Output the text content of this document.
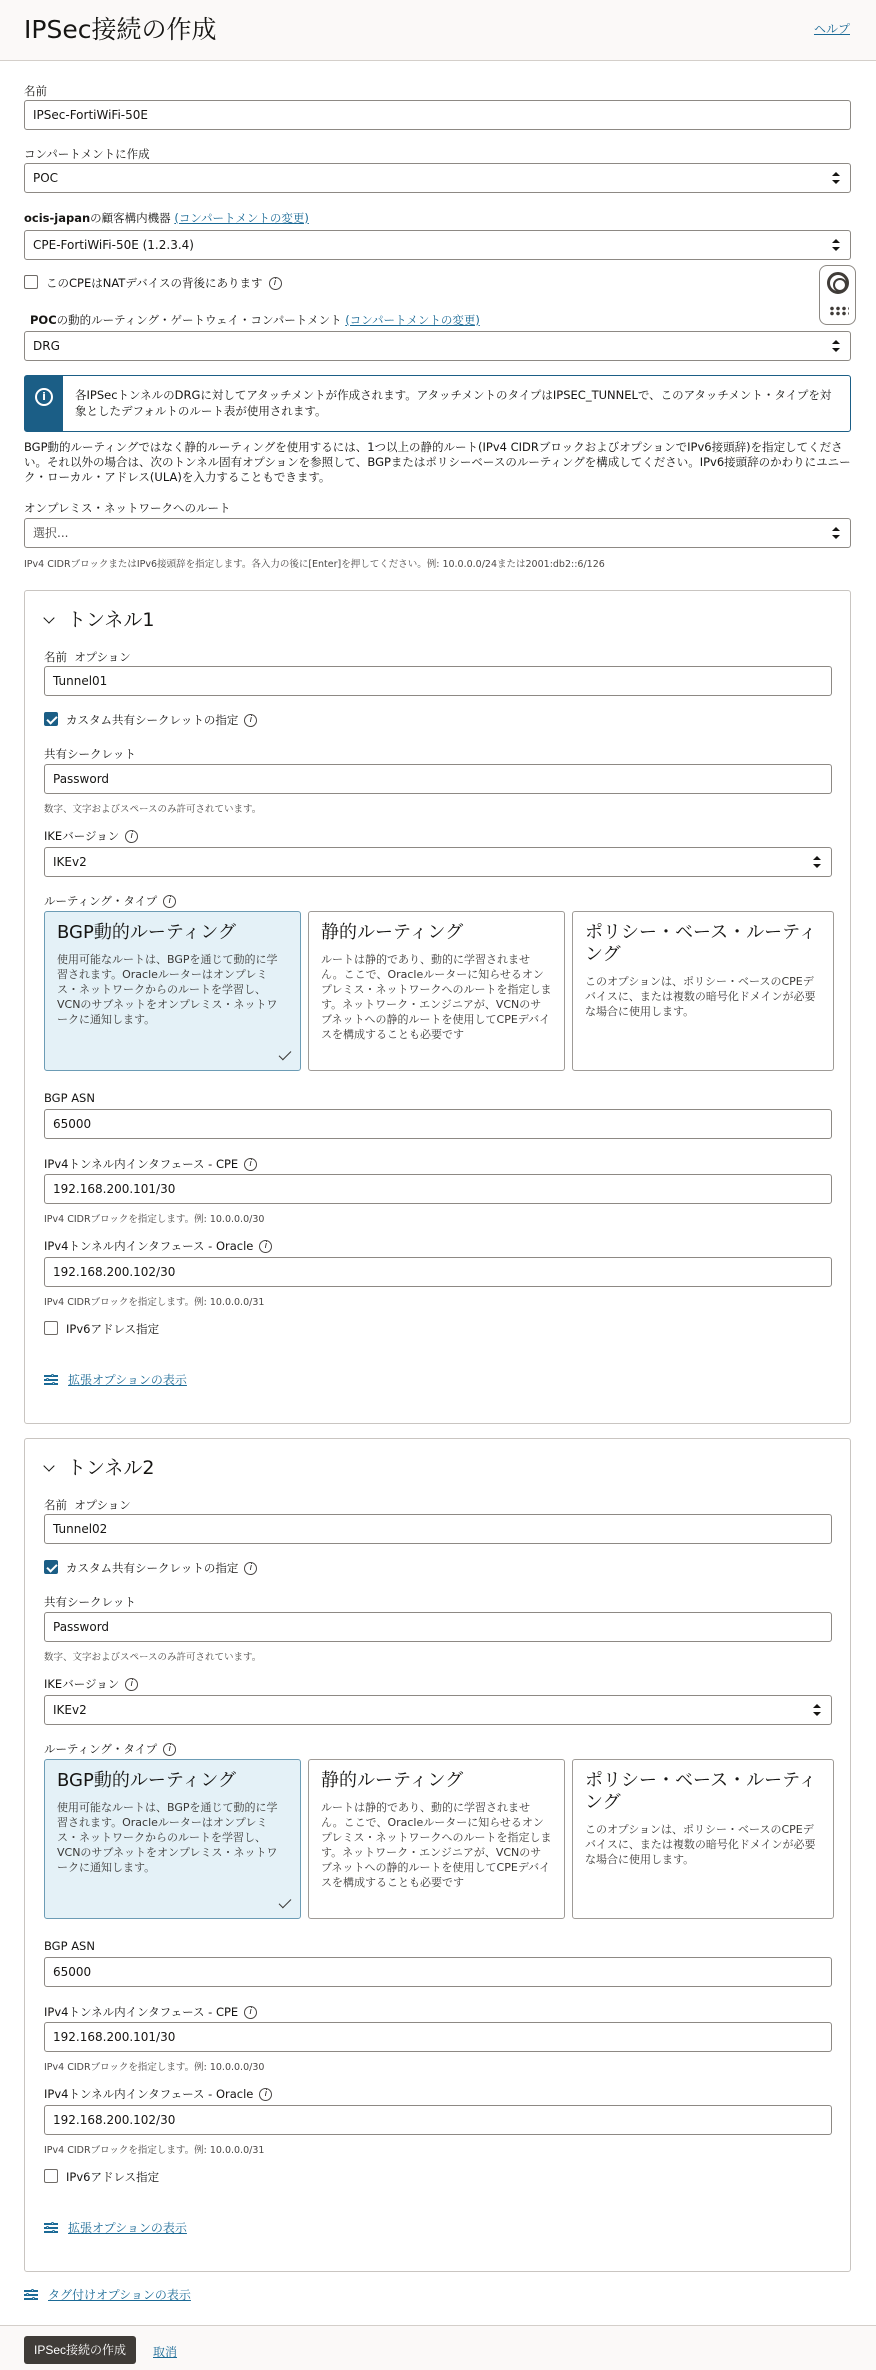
IPSec接続の作成	ヘルプ
名前
IPSec-FortiWiFi-50E
コンパートメントに作成
POC
ocis-japanの顧客構内機器 (コンパートメントの変更)
CPE-FortiWiFi-50E (1.2.3.4)
このCPEはNATデバイスの背後にあります i
POCの動的ルーティング・ゲートウェイ・コンパートメント (コンパートメントの変更)
DRG
i	各IPSecトンネルのDRGに対してアタッチメントが作成されます。アタッチメントのタイプはIPSEC_TUNNELで、このアタッチメント・タイプを対象としたデフォルトのルート表が使用されます。
BGP動的ルーティングではなく静的ルーティングを使用するには、1つ以上の静的ルート(IPv4 CIDRブロックおよびオプションでIPv6接頭辞)を指定してください。それ以外の場合は、次のトンネル固有オプションを参照して、BGPまたはポリシーベースのルーティングを構成してください。IPv6接頭辞のかわりにユニーク・ローカル・アドレス(ULA)を入力することもできます。
オンプレミス・ネットワークへのルート
選択...
IPv4 CIDRブロックまたはIPv6接頭辞を指定します。各入力の後に[Enter]を押してください。例: 10.0.0.0/24または2001:db2::6/126
トンネル1
名前 オプション
Tunnel01
カスタム共有シークレットの指定 i
共有シークレット
Password
数字、文字およびスペースのみ許可されています。
IKEバージョン i
IKEv2
ルーティング・タイプ i
BGP動的ルーティング

使用可能なルートは、BGPを通じて動的に学習されます。Oracleルーターはオンプレミス・ネットワークからのルートを学習し、VCNのサブネットをオンプレミス・ネットワークに通知します。

静的ルーティング

ルートは静的であり、動的に学習されません。ここで、Oracleルーターに知らせるオンプレミス・ネットワークへのルートを指定します。ネットワーク・エンジニアが、VCNのサブネットへの静的ルートを使用してCPEデバイスを構成することも必要です

ポリシー・ベース・ルーティング

このオプションは、ポリシー・ベースのCPEデバイスに、または複数の暗号化ドメインが必要な場合に使用します。

BGP ASN
65000
IPv4トンネル内インタフェース - CPE i
192.168.200.101/30
IPv4 CIDRブロックを指定します。例: 10.0.0.0/30
IPv4トンネル内インタフェース - Oracle i
192.168.200.102/30
IPv4 CIDRブロックを指定します。例: 10.0.0.0/31
IPv6アドレス指定
拡張オプションの表示
トンネル2
名前 オプション
Tunnel02
カスタム共有シークレットの指定 i
共有シークレット
Password
数字、文字およびスペースのみ許可されています。
IKEバージョン i
IKEv2
ルーティング・タイプ i
BGP動的ルーティング

使用可能なルートは、BGPを通じて動的に学習されます。Oracleルーターはオンプレミス・ネットワークからのルートを学習し、VCNのサブネットをオンプレミス・ネットワークに通知します。

静的ルーティング

ルートは静的であり、動的に学習されません。ここで、Oracleルーターに知らせるオンプレミス・ネットワークへのルートを指定します。ネットワーク・エンジニアが、VCNのサブネットへの静的ルートを使用してCPEデバイスを構成することも必要です

ポリシー・ベース・ルーティング

このオプションは、ポリシー・ベースのCPEデバイスに、または複数の暗号化ドメインが必要な場合に使用します。

BGP ASN
65000
IPv4トンネル内インタフェース - CPE i
192.168.200.101/30
IPv4 CIDRブロックを指定します。例: 10.0.0.0/30
IPv4トンネル内インタフェース - Oracle i
192.168.200.102/30
IPv4 CIDRブロックを指定します。例: 10.0.0.0/31
IPv6アドレス指定
拡張オプションの表示
タグ付けオプションの表示
IPSec接続の作成	取消
